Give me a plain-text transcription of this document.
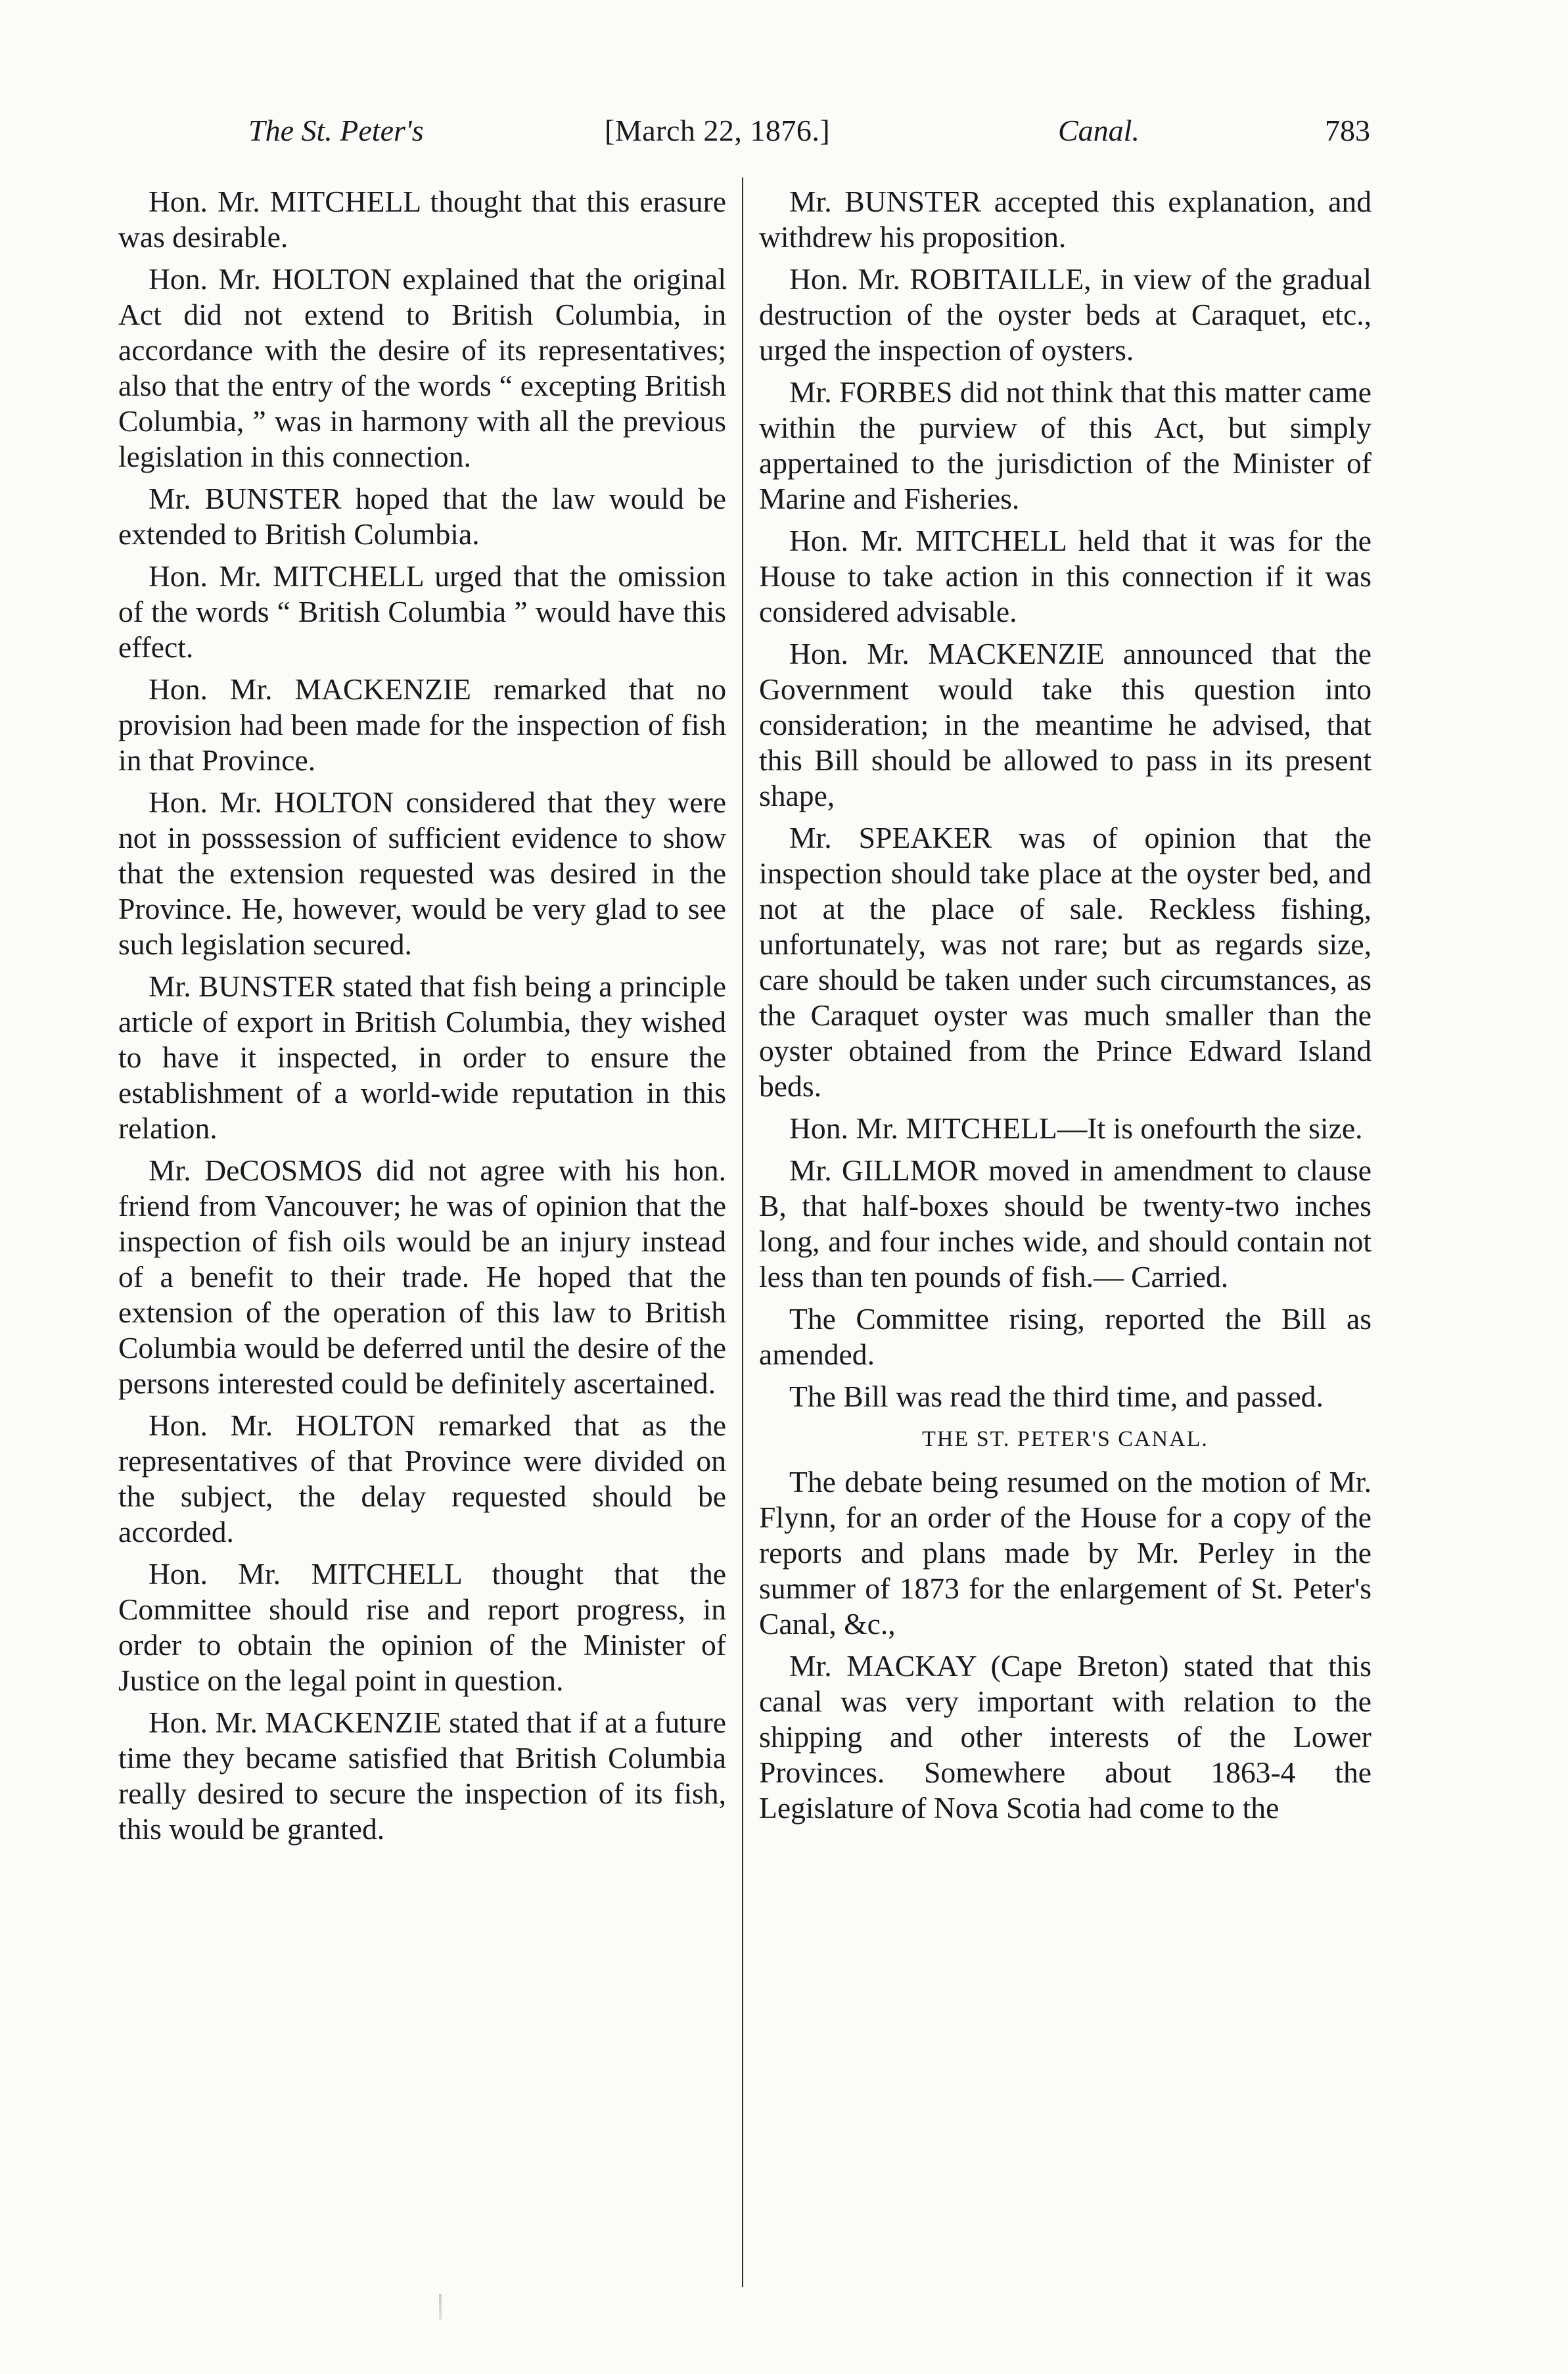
The St. Peter's	[March 22, 1876.]	Canal.	783

Hon. Mr. MITCHELL thought that this erasure was desirable.

Hon. Mr. HOLTON explained that the original Act did not extend to British Columbia, in accordance with the desire of its representatives; also that the entry of the words “ excepting British Columbia, ” was in harmony with all the previous legislation in this connection.

Mr. BUNSTER hoped that the law would be extended to British Columbia.

Hon. Mr. MITCHELL urged that the omission of the words “ British Columbia ” would have this effect.

Hon. Mr. MACKENZIE remarked that no provision had been made for the inspection of fish in that Province.

Hon. Mr. HOLTON considered that they were not in posssession of sufficient evidence to show that the extension requested was desired in the Province. He, however, would be very glad to see such legislation secured.

Mr. BUNSTER stated that fish being a principle article of export in British Columbia, they wished to have it inspected, in order to ensure the establishment of a world-wide reputation in this relation.

Mr. DeCOSMOS did not agree with his hon. friend from Vancouver; he was of opinion that the inspection of fish oils would be an injury instead of a benefit to their trade. He hoped that the extension of the operation of this law to British Columbia would be deferred until the desire of the persons interested could be definitely ascertained.

Hon. Mr. HOLTON remarked that as the representatives of that Province were divided on the subject, the delay requested should be accorded.

Hon. Mr. MITCHELL thought that the Committee should rise and report progress, in order to obtain the opinion of the Minister of Justice on the legal point in question.

Hon. Mr. MACKENZIE stated that if at a future time they became satisfied that British Columbia really desired to secure the inspection of its fish, this would be granted.

Mr. BUNSTER accepted this explanation, and withdrew his proposition.

Hon. Mr. ROBITAILLE, in view of the gradual destruction of the oyster beds at Caraquet, etc., urged the inspection of oysters.

Mr. FORBES did not think that this matter came within the purview of this Act, but simply appertained to the jurisdiction of the Minister of Marine and Fisheries.

Hon. Mr. MITCHELL held that it was for the House to take action in this connection if it was considered advisable.

Hon. Mr. MACKENZIE announced that the Government would take this question into consideration; in the meantime he advised, that this Bill should be allowed to pass in its present shape,

Mr. SPEAKER was of opinion that the inspection should take place at the oyster bed, and not at the place of sale. Reckless fishing, unfortunately, was not rare; but as regards size, care should be taken under such circumstances, as the Caraquet oyster was much smaller than the oyster obtained from the Prince Edward Island beds.

Hon. Mr. MITCHELL—It is onefourth the size.

Mr. GILLMOR moved in amendment to clause B, that half-boxes should be twenty-two inches long, and four inches wide, and should contain not less than ten pounds of fish.— Carried.

The Committee rising, reported the Bill as amended.

The Bill was read the third time, and passed.

THE ST. PETER'S CANAL.

The debate being resumed on the motion of Mr. Flynn, for an order of the House for a copy of the reports and plans made by Mr. Perley in the summer of 1873 for the enlargement of St. Peter's Canal, &c.,

Mr. MACKAY (Cape Breton) stated that this canal was very important with relation to the shipping and other interests of the Lower Provinces. Somewhere about 1863-4 the Legislature of Nova Scotia had come to the
